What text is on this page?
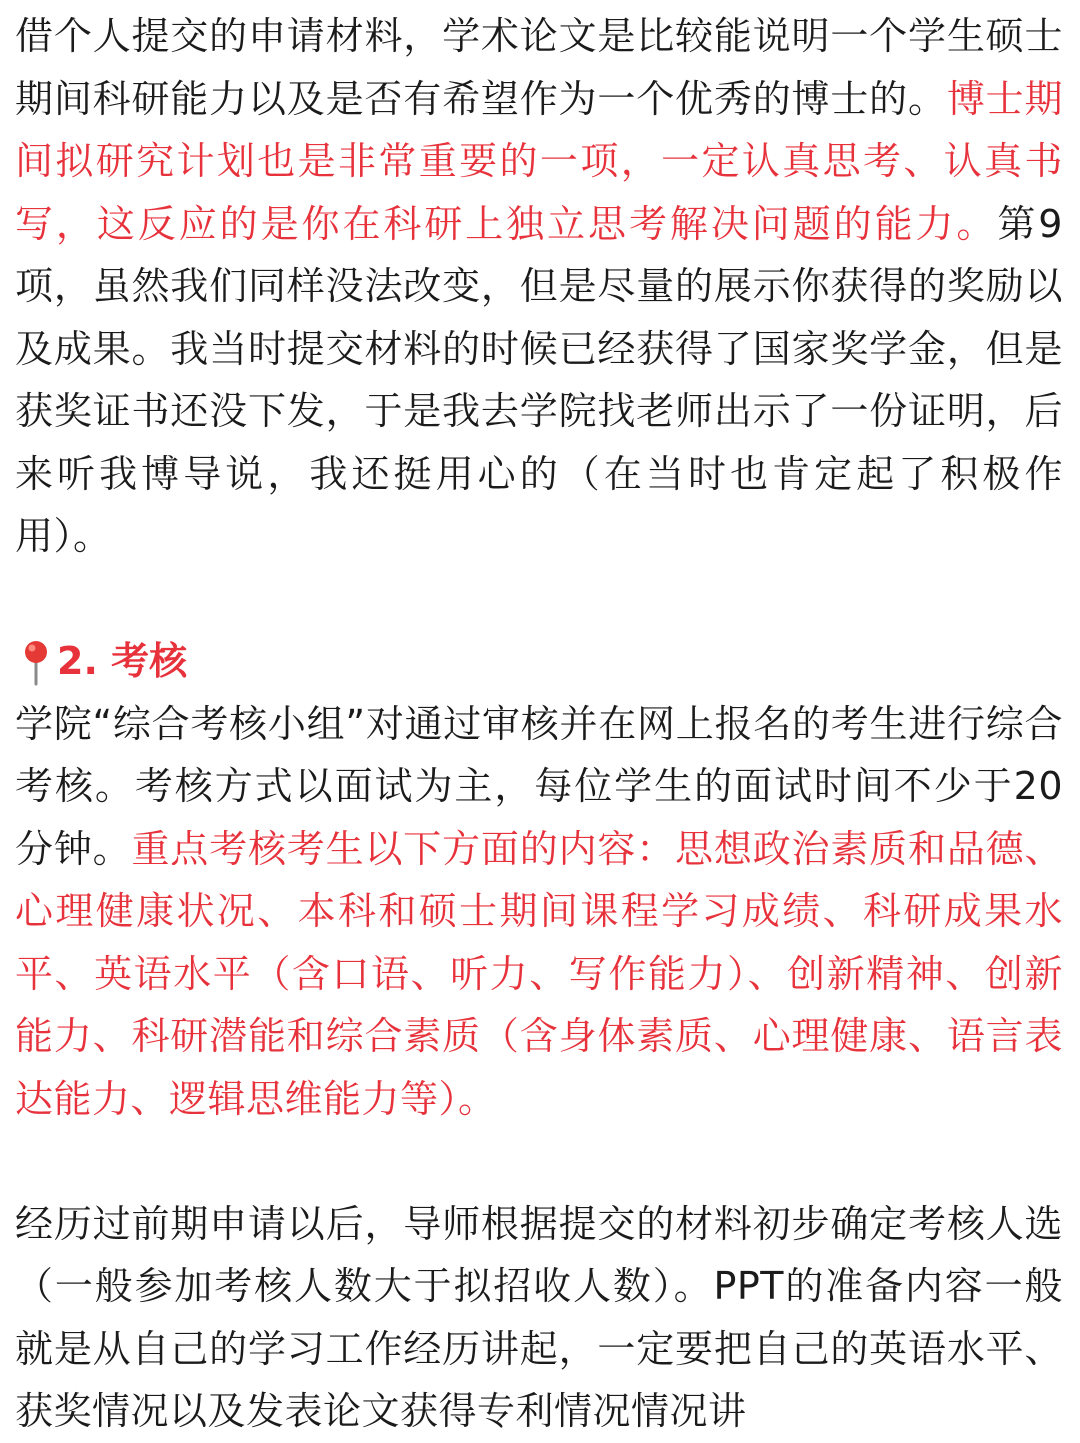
借个人提交的申请材料，学术论文是比较能说明一个学生硕士期间科研能力以及是否有希望作为一个优秀的博士的。博士期间拟研究计划也是非常重要的一项，一定认真思考、认真书写，这反应的是你在科研上独立思考解决问题的能力。第9项，虽然我们同样没法改变，但是尽量的展示你获得的奖励以及成果。我当时提交材料的时候已经获得了国家奖学金，但是获奖证书还没下发，于是我去学院找老师出示了一份证明，后来听我博导说，我还挺用心的（在当时也肯定起了积极作用）。

2. 考核

学院“综合考核小组”对通过审核并在网上报名的考生进行综合考核。考核方式以面试为主，每位学生的面试时间不少于20分钟。重点考核考生以下方面的内容：思想政治素质和品德、心理健康状况、本科和硕士期间课程学习成绩、科研成果水平、英语水平（含口语、听力、写作能力）、创新精神、创新能力、科研潜能和综合素质（含身体素质、心理健康、语言表达能力、逻辑思维能力等）。

经历过前期申请以后，导师根据提交的材料初步确定考核人选（一般参加考核人数大于拟招收人数）。PPT的准备内容一般就是从自己的学习工作经历讲起，一定要把自己的英语水平、获奖情况以及发表论文获得专利情况情况讲
